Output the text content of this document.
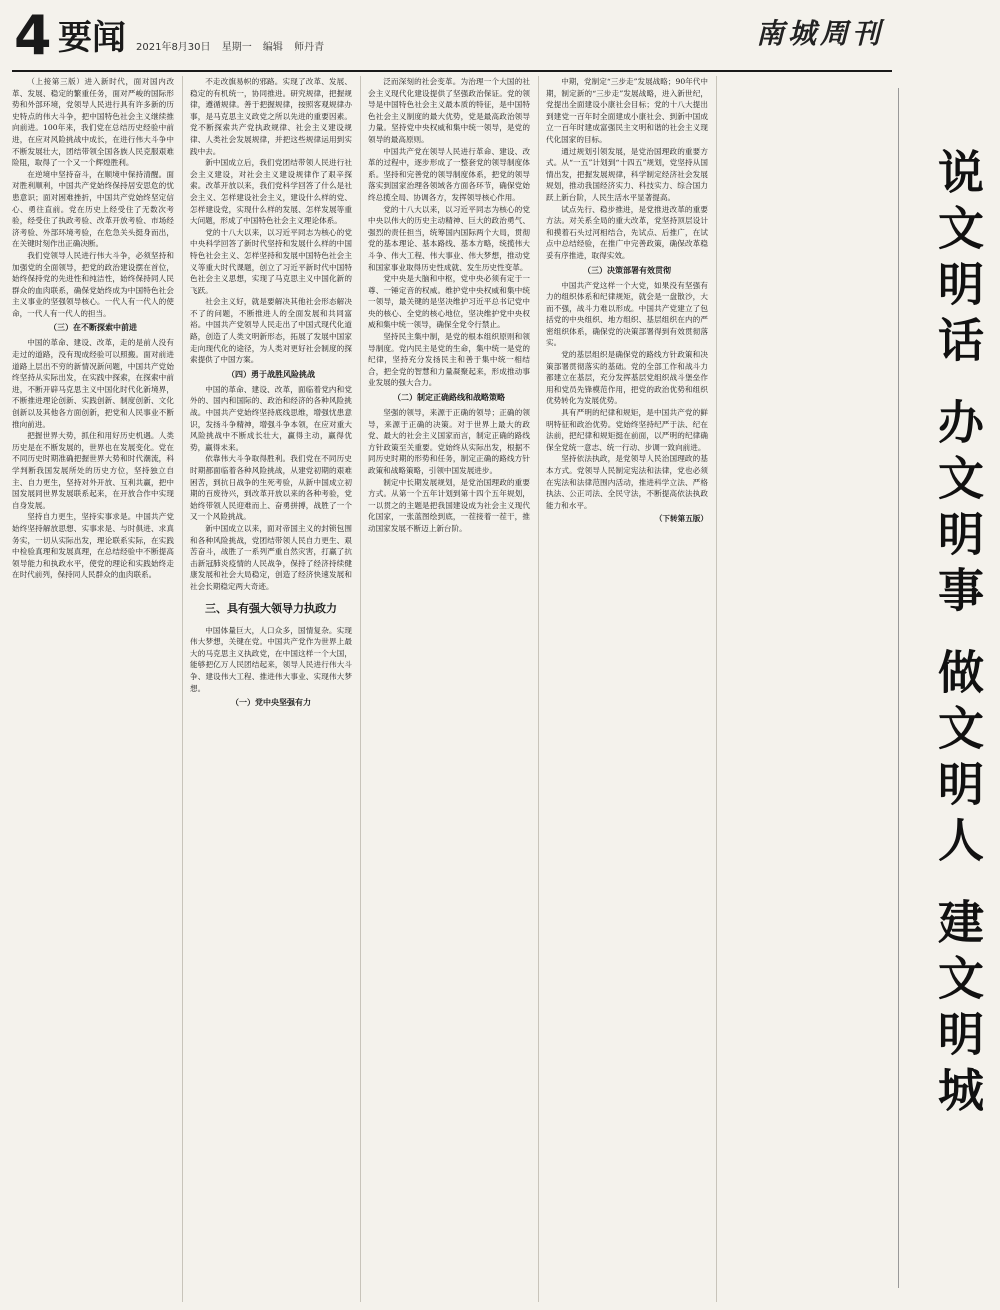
4 要闻 2021年8月30日 星期一 编辑 师丹青	南城周刊

（上接第三版）进入新时代，面对国内改革、发展、稳定的繁重任务，面对严峻的国际形势和外部环境，党领导人民进行具有许多新的历史特点的伟大斗争，把中国特色社会主义继续推向前进。100年来，我们党在总结历史经验中前进，在应对风险挑战中成长，在进行伟大斗争中不断发展壮大，团结带领全国各族人民克服艰难险阻，取得了一个又一个辉煌胜利。

在逆境中坚持奋斗，在顺境中保持清醒。面对胜利顺利，中国共产党始终保持居安思危的忧患意识；面对困难挫折，中国共产党始终坚定信心、勇往直前。党在历史上经受住了无数次考验，经受住了执政考验、改革开放考验、市场经济考验、外部环境考验，在危急关头挺身而出，在关键时刻作出正确决断。

我们党领导人民进行伟大斗争，必须坚持和加强党的全面领导，把党的政治建设摆在首位，始终保持党的先进性和纯洁性，始终保持同人民群众的血肉联系，确保党始终成为中国特色社会主义事业的坚强领导核心。一代人有一代人的使命，一代人有一代人的担当。

（三）在不断探索中前进

中国的革命、建设、改革，走的是前人没有走过的道路，没有现成经验可以照搬。面对前进道路上层出不穷的新情况新问题，中国共产党始终坚持从实际出发，在实践中探索，在探索中前进，不断开辟马克思主义中国化时代化新境界，不断推进理论创新、实践创新、制度创新、文化创新以及其他各方面创新，把党和人民事业不断推向前进。

把握世界大势，抓住和用好历史机遇。人类历史是在不断发展的，世界也在发展变化。党在不同历史时期准确把握世界大势和时代潮流，科学判断我国发展所处的历史方位，坚持独立自主、自力更生，坚持对外开放、互利共赢，把中国发展同世界发展联系起来，在开放合作中实现自身发展。

坚持自力更生，坚持实事求是。中国共产党始终坚持解放思想、实事求是、与时俱进、求真务实，一切从实际出发，理论联系实际，在实践中检验真理和发展真理，在总结经验中不断提高领导能力和执政水平，使党的理论和实践始终走在时代前列，保持同人民群众的血肉联系。

不走改旗易帜的邪路。实现了改革、发展、稳定的有机统一，协同推进。研究规律，把握规律，遵循规律。善于把握规律，按照客观规律办事，是马克思主义政党之所以先进的重要因素。党不断探索共产党执政规律、社会主义建设规律、人类社会发展规律，并把这些规律运用到实践中去。

新中国成立后，我们党团结带领人民进行社会主义建设，对社会主义建设规律作了艰辛探索。改革开放以来，我们党科学回答了什么是社会主义、怎样建设社会主义，建设什么样的党、怎样建设党，实现什么样的发展、怎样发展等重大问题，形成了中国特色社会主义理论体系。

党的十八大以来，以习近平同志为核心的党中央科学回答了新时代坚持和发展什么样的中国特色社会主义、怎样坚持和发展中国特色社会主义等重大时代课题，创立了习近平新时代中国特色社会主义思想，实现了马克思主义中国化新的飞跃。

社会主义好，就是要解决其他社会形态解决不了的问题，不断推进人的全面发展和共同富裕。中国共产党领导人民走出了中国式现代化道路，创造了人类文明新形态，拓展了发展中国家走向现代化的途径，为人类对更好社会制度的探索提供了中国方案。

（四）勇于战胜风险挑战

中国的革命、建设、改革，面临着党内和党外的、国内和国际的、政治和经济的各种风险挑战。中国共产党始终坚持底线思维，增强忧患意识，发扬斗争精神，增强斗争本领，在应对重大风险挑战中不断成长壮大，赢得主动，赢得优势，赢得未来。

依靠伟大斗争取得胜利。我们党在不同历史时期都面临着各种风险挑战，从建党初期的艰难困苦，到抗日战争的生死考验，从新中国成立初期的百废待兴，到改革开放以来的各种考验，党始终带领人民迎难而上、奋勇拼搏，战胜了一个又一个风险挑战。

新中国成立以来，面对帝国主义的封锁包围和各种风险挑战，党团结带领人民自力更生、艰苦奋斗，战胜了一系列严重自然灾害，打赢了抗击新冠肺炎疫情的人民战争，保持了经济持续健康发展和社会大局稳定，创造了经济快速发展和社会长期稳定两大奇迹。

三、具有强大领导力执政力

中国体量巨大，人口众多，国情复杂。实现伟大梦想，关键在党。中国共产党作为世界上最大的马克思主义执政党，在中国这样一个大国，能够把亿万人民团结起来，领导人民进行伟大斗争、建设伟大工程、推进伟大事业、实现伟大梦想。

（一）党中央坚强有力

泛而深刻的社会变革。为治理一个大国的社会主义现代化建设提供了坚强政治保证。党的领导是中国特色社会主义最本质的特征，是中国特色社会主义制度的最大优势，党是最高政治领导力量。坚持党中央权威和集中统一领导，是党的领导的最高原则。

中国共产党在领导人民进行革命、建设、改革的过程中，逐步形成了一整套党的领导制度体系。坚持和完善党的领导制度体系，把党的领导落实到国家治理各领域各方面各环节，确保党始终总揽全局、协调各方，发挥领导核心作用。

党的十八大以来，以习近平同志为核心的党中央以伟大的历史主动精神、巨大的政治勇气、强烈的责任担当，统筹国内国际两个大局，贯彻党的基本理论、基本路线、基本方略，统揽伟大斗争、伟大工程、伟大事业、伟大梦想，推动党和国家事业取得历史性成就、发生历史性变革。

党中央是大脑和中枢，党中央必须有定于一尊、一锤定音的权威。维护党中央权威和集中统一领导，最关键的是坚决维护习近平总书记党中央的核心、全党的核心地位，坚决维护党中央权威和集中统一领导，确保全党令行禁止。

坚持民主集中制，是党的根本组织原则和领导制度。党内民主是党的生命，集中统一是党的纪律，坚持充分发扬民主和善于集中统一相结合，把全党的智慧和力量凝聚起来，形成推动事业发展的强大合力。

（二）制定正确路线和战略策略

坚强的领导，来源于正确的领导；正确的领导，来源于正确的决策。对于世界上最大的政党、最大的社会主义国家而言，制定正确的路线方针政策至关重要。党始终从实际出发，根据不同历史时期的形势和任务，制定正确的路线方针政策和战略策略，引领中国发展进步。

制定中长期发展规划，是党治国理政的重要方式。从第一个五年计划到第十四个五年规划，一以贯之的主题是把我国建设成为社会主义现代化国家，一张蓝图绘到底，一茬接着一茬干，推动国家发展不断迈上新台阶。

中期，党制定“三步走”发展战略；90年代中期，制定新的“三步走”发展战略，进入新世纪，党提出全面建设小康社会目标；党的十八大提出到建党一百年时全面建成小康社会、到新中国成立一百年时建成富强民主文明和谐的社会主义现代化国家的目标。

通过规划引领发展，是党治国理政的重要方式。从“一五”计划到“十四五”规划，党坚持从国情出发，把握发展规律，科学制定经济社会发展规划，推动我国经济实力、科技实力、综合国力跃上新台阶，人民生活水平显著提高。

试点先行、稳步推进，是党推进改革的重要方法。对关系全局的重大改革，党坚持顶层设计和摸着石头过河相结合，先试点、后推广，在试点中总结经验，在推广中完善政策，确保改革稳妥有序推进，取得实效。

（三）决策部署有效贯彻

中国共产党这样一个大党，如果没有坚强有力的组织体系和纪律规矩，就会是一盘散沙，大而不强，战斗力难以形成。中国共产党建立了包括党的中央组织、地方组织、基层组织在内的严密组织体系，确保党的决策部署得到有效贯彻落实。

党的基层组织是确保党的路线方针政策和决策部署贯彻落实的基础。党的全部工作和战斗力都建立在基层，充分发挥基层党组织战斗堡垒作用和党员先锋模范作用，把党的政治优势和组织优势转化为发展优势。

具有严明的纪律和规矩，是中国共产党的鲜明特征和政治优势。党始终坚持纪严于法、纪在法前，把纪律和规矩挺在前面，以严明的纪律确保全党统一意志、统一行动、步调一致向前进。

坚持依法执政，是党领导人民治国理政的基本方式。党领导人民制定宪法和法律，党也必须在宪法和法律范围内活动，推进科学立法、严格执法、公正司法、全民守法，不断提高依法执政能力和水平。

（下转第五版）	说文明话 办文明事 做文明人 建文明城
